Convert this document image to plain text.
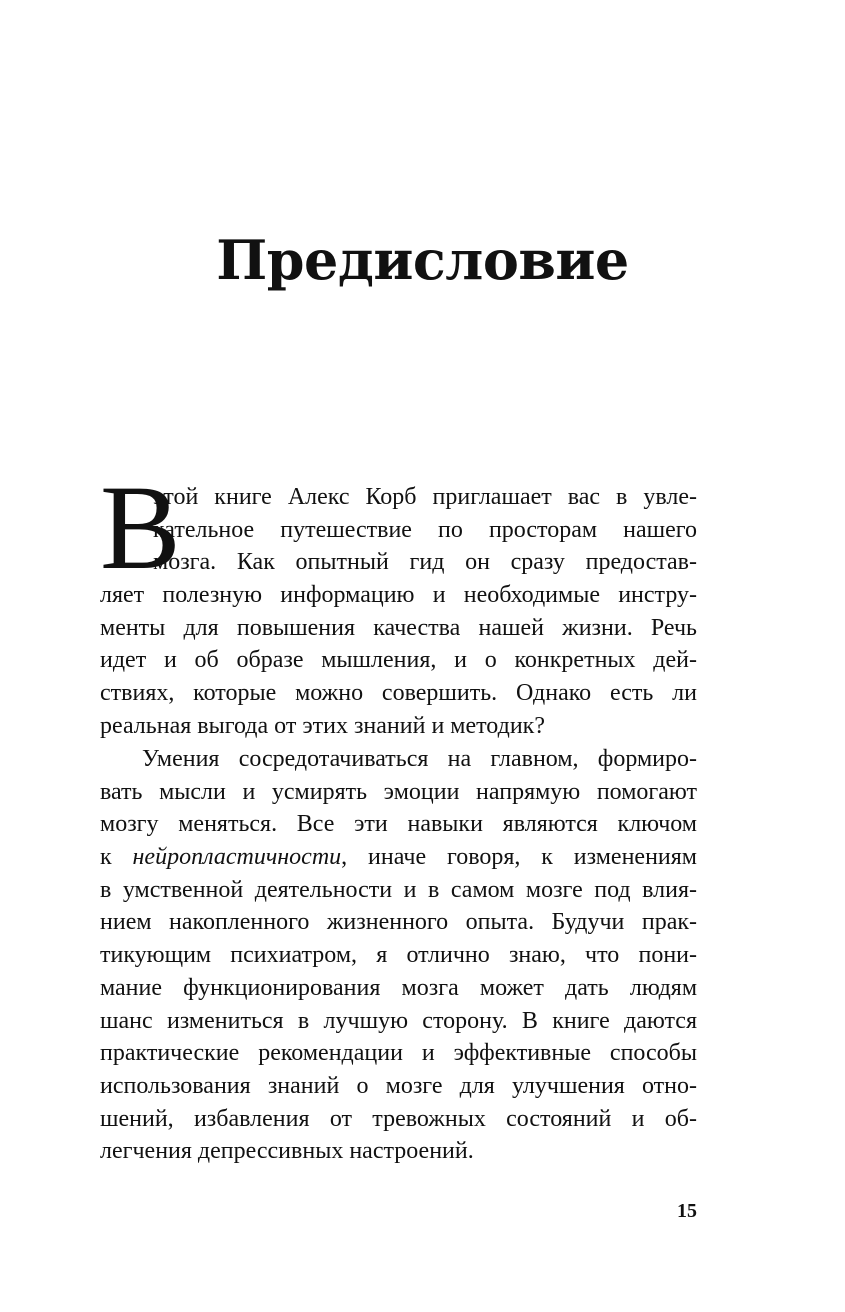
Предисловие
В
этой книге Алекс Корб приглашает вас в увле-
кательное путешествие по просторам нашего
мозга. Как опытный гид он сразу предостав-
ляет полезную информацию и необходимые инстру-
менты для повышения качества нашей жизни. Речь
идет и об образе мышления, и о конкретных дей-
ствиях, которые можно совершить. Однако есть ли
реальная выгода от этих знаний и методик?
Умения сосредотачиваться на главном, формиро-
вать мысли и усмирять эмоции напрямую помогают
мозгу меняться. Все эти навыки являются ключом
к нейропластичности, иначе говоря, к изменениям
в умственной деятельности и в самом мозге под влия-
нием накопленного жизненного опыта. Будучи прак-
тикующим психиатром, я отлично знаю, что пони-
мание функционирования мозга может дать людям
шанс измениться в лучшую сторону. В книге даются
практические рекомендации и эффективные способы
использования знаний о мозге для улучшения отно-
шений, избавления от тревожных состояний и об-
легчения депрессивных настроений.
15
